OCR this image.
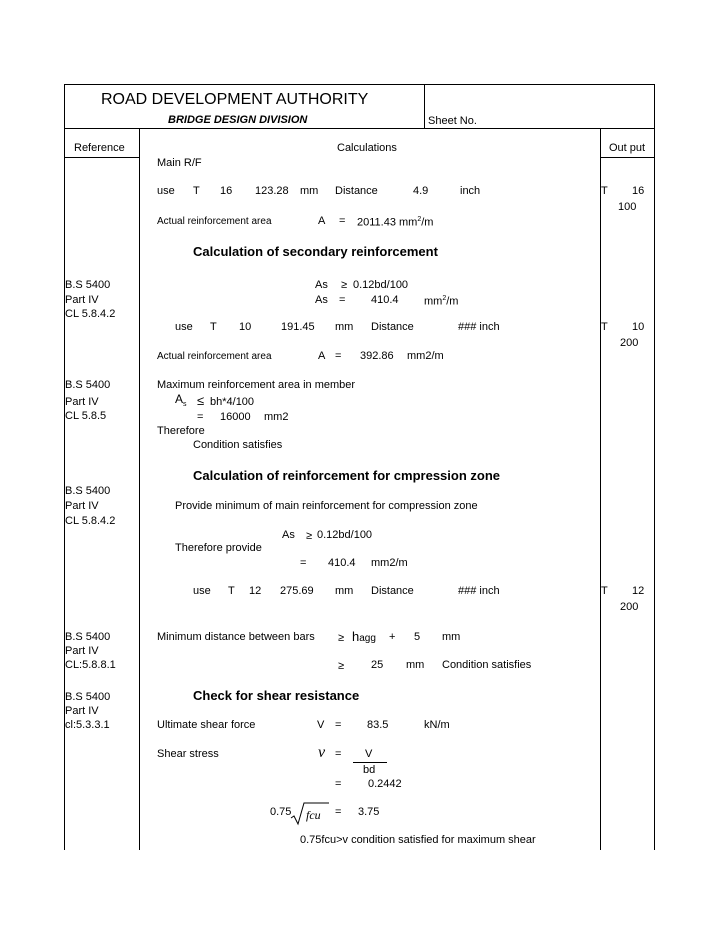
ROAD DEVELOPMENT AUTHORITY
BRIDGE DESIGN DIVISION	Sheet No.
Reference	Calculations	Out put
Main R/F
use T 16 123.28 mm Distance	4.9	inch	T 16
100
Actual reinforcement area	A = 2011.43 $mm^2/m$
Calculation of secondary reinforcement
B.S 5400
Part IV
CL 5.8.4.2
As ≥ 0.12bd/100
As = 410.4 $mm^2/m$
use T 10	191.45 mm Distance	### inch	T 10
200
Actual reinforcement area	A = 392.86 mm2/m
B.S 5400
Part IV
CL 5.8.5
Maximum reinforcement area in member
$A_s \le bh*4/100$
= 16000 mm2
Therefore
Condition satisfies
Calculation of reinforcement for cmpression zone
B.S 5400
Part IV
CL 5.8.4.2
Provide minimum of main reinforcement for compression zone
As ≥ 0.12bd/100
Therefore provide
= 410.4 mm2/m
use T 12 275.69 mm Distance	### inch	T 12
200
B.S 5400
Part IV
CL:5.8.8.1
Minimum distance between bars ≥ hagg + 5 mm
≥ 25 mm Condition satisfies
Check for shear resistance
B.S 5400
Part IV
cl:5.3.3.1	Ultimate shear force	V = 83.5	kN/m
Shear stress	ν = V
bd
= 0.2442
0.75 fcu = 3.75
0.75fcu>v condition satisfied for maximum shear
